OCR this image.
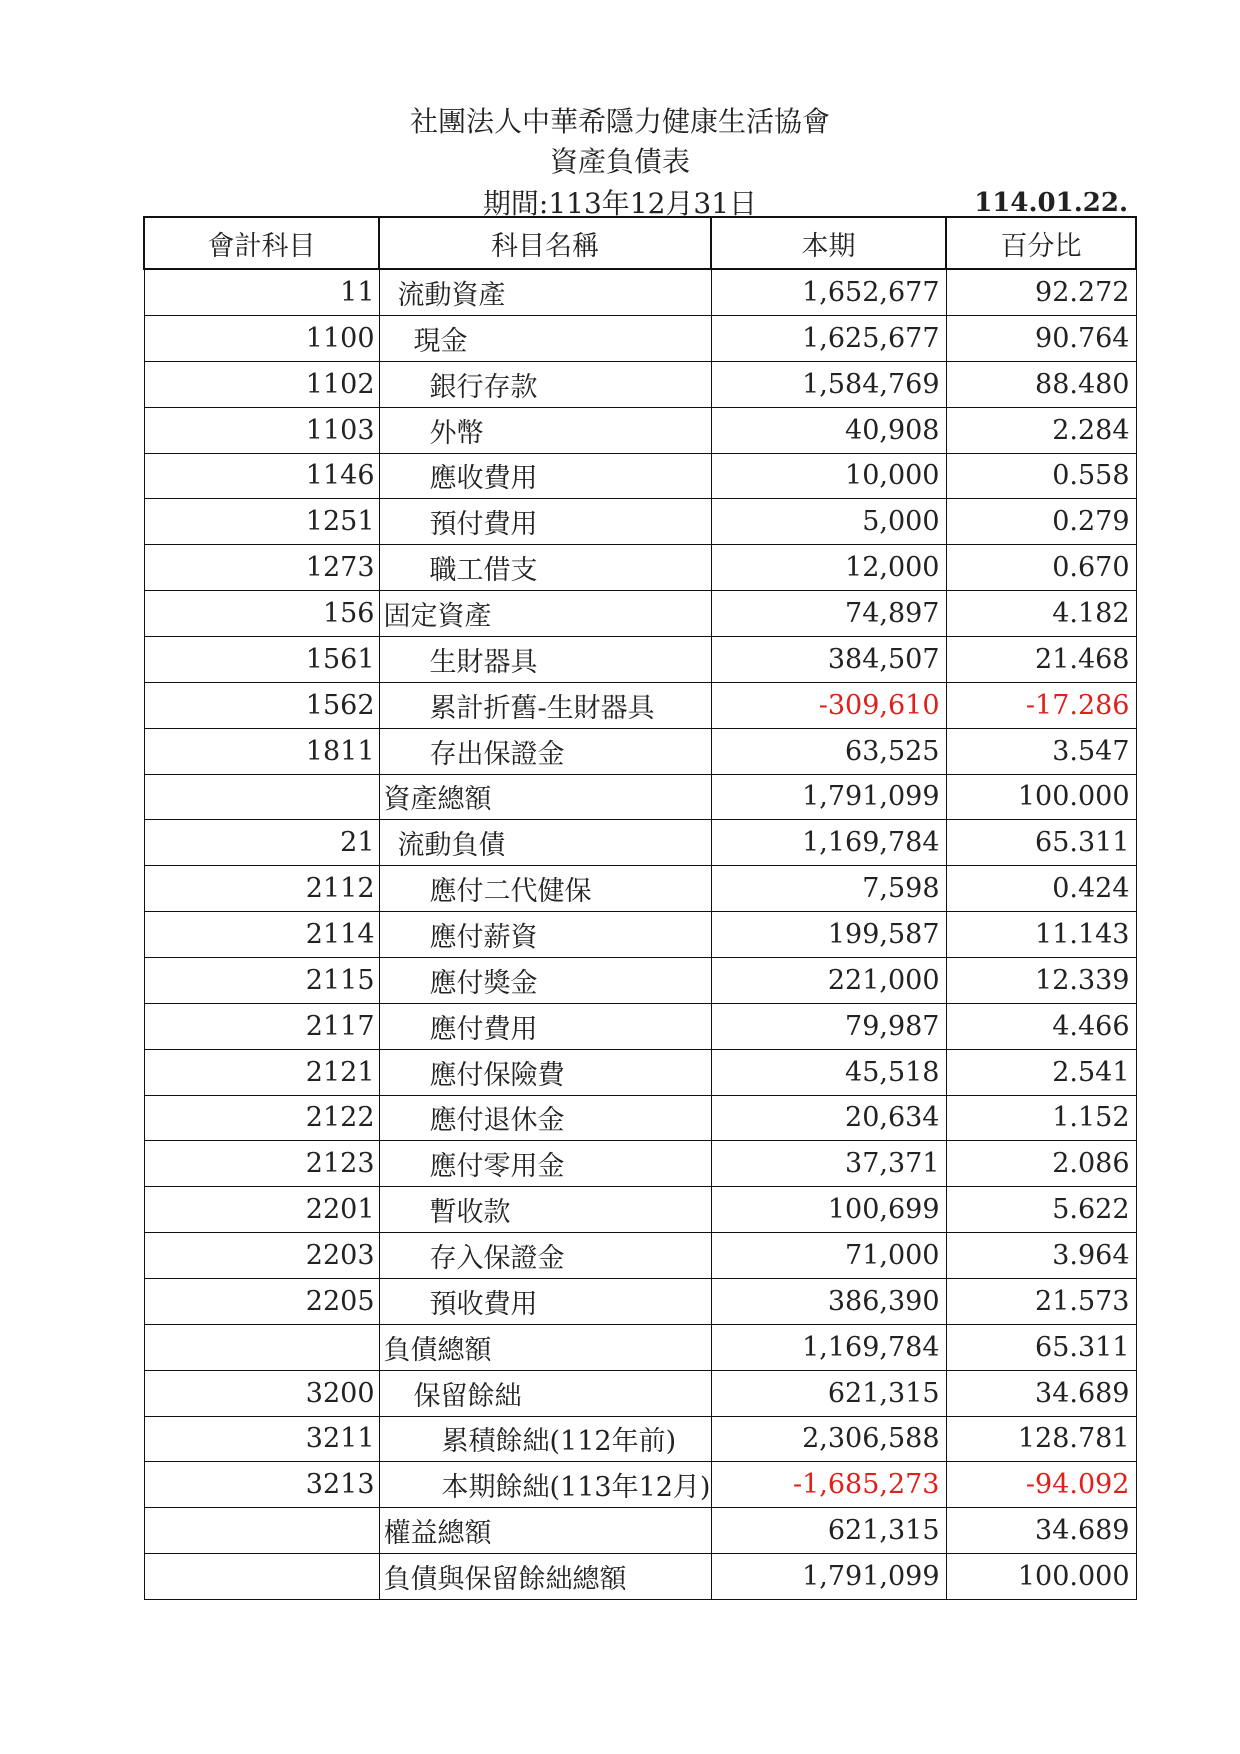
社團法人中華希隱力健康生活協會
資產負債表
期間:113年12月31日	114.01.22.
會計科目	科目名稱	本期	百分比
11	流動資產	1,652,677	92.272
1100	現金	1,625,677	90.764
1102	銀行存款	1,584,769	88.480
1103	外幣	40,908	2.284
1146	應收費用	10,000	0.558
1251	預付費用	5,000	0.279
1273	職工借支	12,000	0.670
156	固定資產	74,897	4.182
1561	生財器具	384,507	21.468
1562	累計折舊-生財器具	-309,610	-17.286
1811	存出保證金	63,525	3.547
	資產總額	1,791,099	100.000
21	流動負債	1,169,784	65.311
2112	應付二代健保	7,598	0.424
2114	應付薪資	199,587	11.143
2115	應付獎金	221,000	12.339
2117	應付費用	79,987	4.466
2121	應付保險費	45,518	2.541
2122	應付退休金	20,634	1.152
2123	應付零用金	37,371	2.086
2201	暫收款	100,699	5.622
2203	存入保證金	71,000	3.964
2205	預收費用	386,390	21.573
	負債總額	1,169,784	65.311
3200	保留餘絀	621,315	34.689
3211	累積餘絀(112年前)	2,306,588	128.781
3213	本期餘絀(113年12月)	-1,685,273	-94.092
	權益總額	621,315	34.689
	負債與保留餘絀總額	1,791,099	100.000
